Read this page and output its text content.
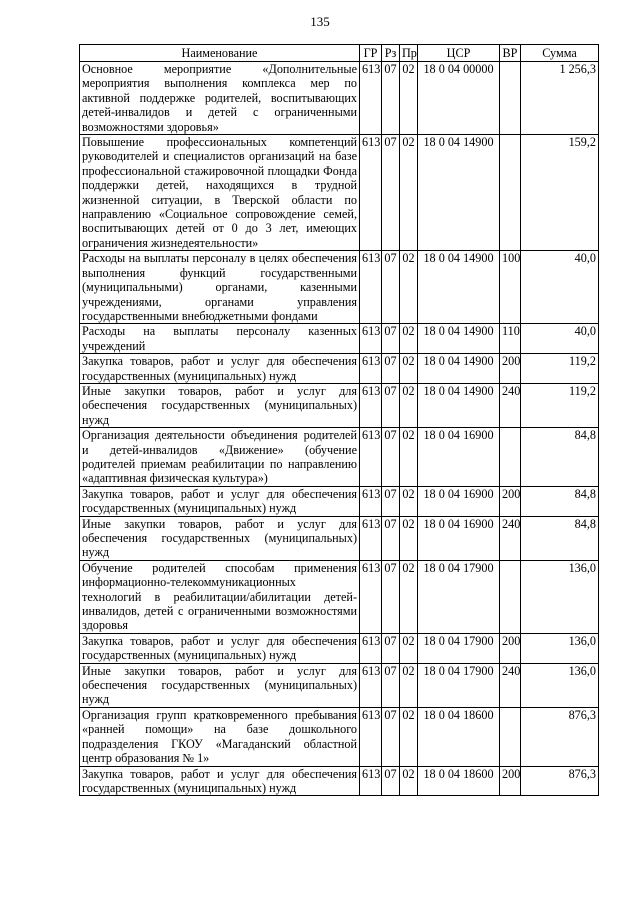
135
Наименование	ГР	Рз	Пр	ЦСР	ВР	Сумма
Основное мероприятие «Дополнительные мероприятия выполнения комплекса мер по активной поддержке родителей, воспитывающих детей-инвалидов и детей с ограниченными возможностями здоровья»	613	07	02	18 0 04 00000		1 256,3
Повышение профессиональных компетенций руководителей и специалистов организаций на базе профессиональной стажировочной площадки Фонда поддержки детей, находящихся в трудной жизненной ситуации, в Тверской области по направлению «Социальное сопровождение семей, воспитывающих детей от 0 до 3 лет, имеющих ограничения жизнедеятельности»	613	07	02	18 0 04 14900		159,2
Расходы на выплаты персоналу в целях обеспечения выполнения функций государственными (муниципальными) органами, казенными учреждениями, органами управления государственными внебюджетными фондами	613	07	02	18 0 04 14900	100	40,0
Расходы на выплаты персоналу казенных учреждений	613	07	02	18 0 04 14900	110	40,0
Закупка товаров, работ и услуг для обеспечения государственных (муниципальных) нужд	613	07	02	18 0 04 14900	200	119,2
Иные закупки товаров, работ и услуг для обеспечения государственных (муниципальных) нужд	613	07	02	18 0 04 14900	240	119,2
Организация деятельности объединения родителей и детей-инвалидов «Движение» (обучение родителей приемам реабилитации по направлению «адаптивная физическая культура»)	613	07	02	18 0 04 16900		84,8
Закупка товаров, работ и услуг для обеспечения государственных (муниципальных) нужд	613	07	02	18 0 04 16900	200	84,8
Иные закупки товаров, работ и услуг для обеспечения государственных (муниципальных) нужд	613	07	02	18 0 04 16900	240	84,8
Обучение родителей способам применения информационно-телекоммуникационных технологий в реабилитации/абилитации детей-инвалидов, детей с ограниченными возможностями здоровья	613	07	02	18 0 04 17900		136,0
Закупка товаров, работ и услуг для обеспечения государственных (муниципальных) нужд	613	07	02	18 0 04 17900	200	136,0
Иные закупки товаров, работ и услуг для обеспечения государственных (муниципальных) нужд	613	07	02	18 0 04 17900	240	136,0
Организация групп кратковременного пребывания «ранней помощи» на базе дошкольного подразделения ГКОУ «Магаданский областной центр образования № 1»	613	07	02	18 0 04 18600		876,3
Закупка товаров, работ и услуг для обеспечения государственных (муниципальных) нужд	613	07	02	18 0 04 18600	200	876,3
